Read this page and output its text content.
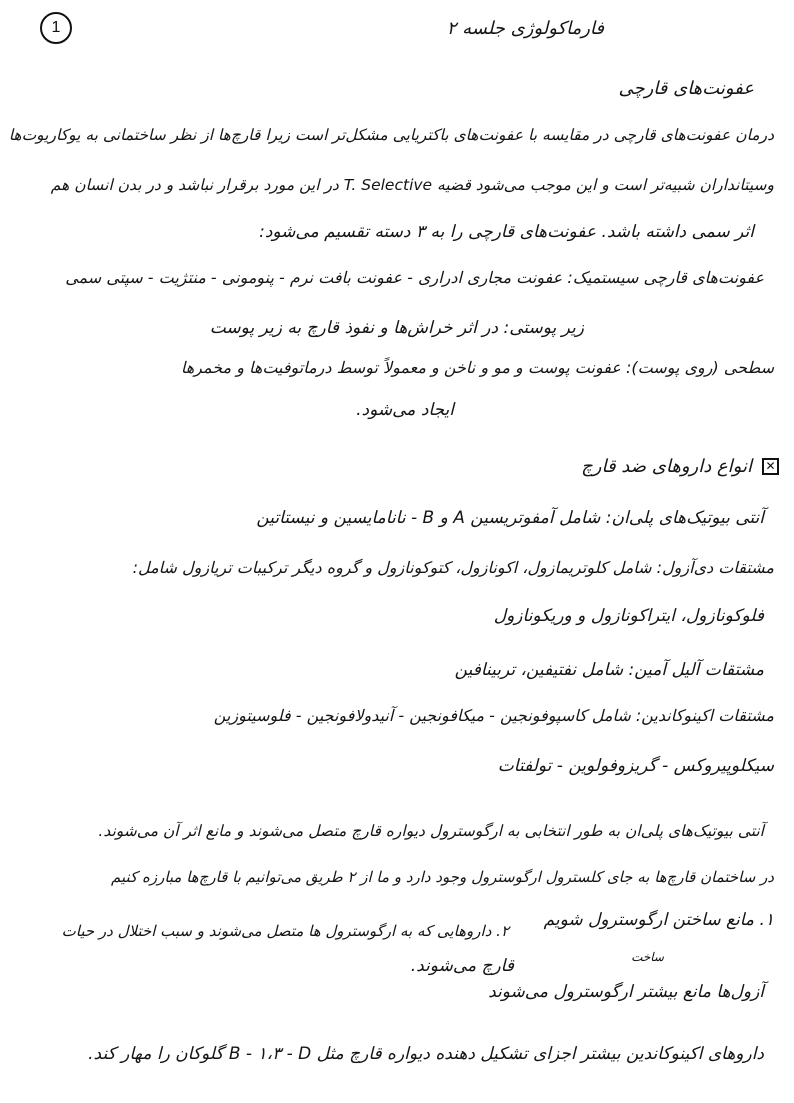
1	فارماکولوژی جلسه ۲
عفونت‌های قارچی
درمان عفونت‌های قارچی در مقایسه با عفونت‌های باکتریایی مشکل‌تر است زیرا قارچ‌ها از نظر ساختمانی به یوکاریوت‌ها
وسیتانداران شبیه‌تر است و این موجب می‌شود قضیه T. Selective در این مورد برقرار نباشد و در بدن انسان هم
اثر سمی داشته باشد. عفونت‌های قارچی را به ۳ دسته تقسیم می‌شود:
عفونت‌های قارچی سیستمیک: عفونت مجاری ادراری - عفونت بافت نرم - پنومونی - منتژیت - سپتی سمی
زیر پوستی: در اثر خراش‌ها و نفوذ قارچ به زیر پوست
سطحی (روی پوست): عفونت پوست و مو و ناخن و معمولاً توسط درماتوفیت‌ها و مخمرها
ایجاد می‌شود.
✕
انواع داروهای ضد قارچ
آنتی بیوتیک‌های پلی‌ان: شامل آمفوتریسین A و B - نانامایسین و نیستاتین
مشتقات دی‌آزول: شامل کلوتریمازول، اکونازول، کتوکونازول و گروه دیگر ترکیبات تریازول شامل:
فلوکونازول، ایتراکونازول و وریکونازول
مشتقات آلیل آمین: شامل نفتیفین، تربینافین
مشتقات اکینوکاندین: شامل کاسپوفونجین - میکافونجین - آنیدولافونجین - فلوسیتوزین
سیکلوپیروکس - گریزوفولوین - تولفتات
آنتی بیوتیک‌های پلی‌ان به طور انتخابی به ارگوسترول دیواره قارچ متصل می‌شوند و مانع اثر آن می‌شوند.
در ساختمان قارچ‌ها به جای کلسترول ارگوسترول وجود دارد و ما از ۲ طریق می‌توانیم با قارچ‌ها مبارزه کنیم
۱. مانع ساختن ارگوسترول شویم
۲. داروهایی که به ارگوسترول ها متصل می‌شوند و سبب اختلال در حیات
قارچ می‌شوند.	ساخت
آزول‌ها مانع بیشتر ارگوسترول می‌شوند
داروهای اکینوکاندین بیشتر اجزای تشکیل دهنده دیواره قارچ مثل B - ۱،۳ - D گلوکان را مهار کند.
